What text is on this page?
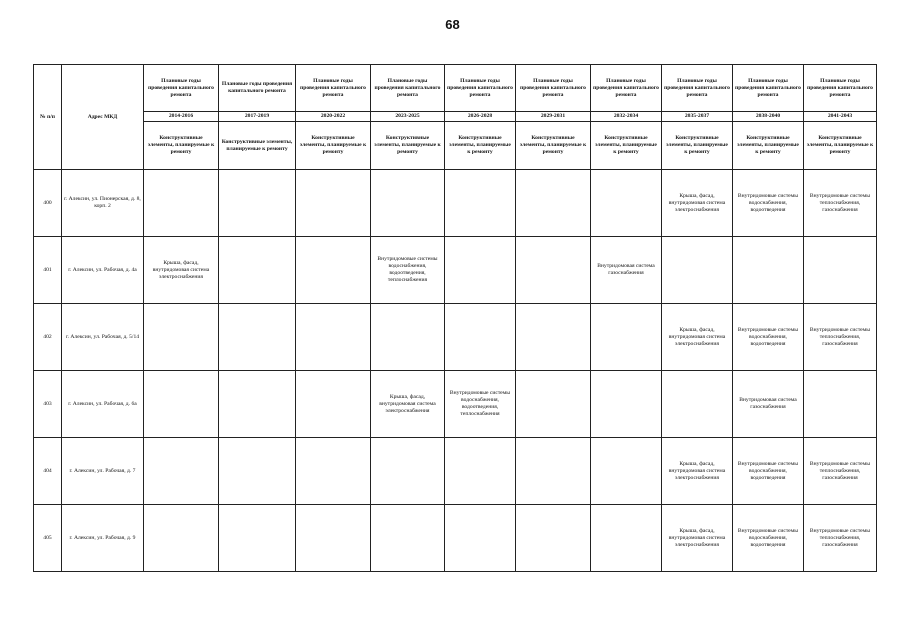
68
№ п/п	Адрес МКД	Плановые годы проведения капитального ремонта	Плановые годы проведения капитального ремонта	Плановые годы проведения капитального ремонта	Плановые годы проведения капитального ремонта	Плановые годы проведения капитального ремонта	Плановые годы проведения капитального ремонта	Плановые годы проведения капитального ремонта	Плановые годы проведения капитального ремонта	Плановые годы проведения капитального ремонта	Плановые годы проведения капитального ремонта
		2014-2016	2017-2019	2020-2022	2023-2025	2026-2028	2029-2031	2032-2034	2035-2037	2038-2040	2041-2043
		Конструктивные элементы, планируемые к ремонту	Конструктивные элементы, планируемые к ремонту	Конструктивные элементы, планируемые к ремонту	Конструктивные элементы, планируемые к ремонту	Конструктивные элементы, планируемые к ремонту	Конструктивные элементы, планируемые к ремонту	Конструктивные элементы, планируемые к ремонту	Конструктивные элементы, планируемые к ремонту	Конструктивные элементы, планируемые к ремонту	Конструктивные элементы, планируемые к ремонту
400	г. Алексин, ул. Пионерская, д. 8, корп. 2								Крыша, фасад, внутридомовая система электроснабжения	Внутридомовые системы водоснабжения, водоотведения	Внутридомовые системы теплоснабжения, газоснабжения
401	г. Алексин, ул. Рабочая, д. 4а	Крыша, фасад, внутридомовая система электроснабжения			Внутридомовые системы водоснабжения, водоотведения, теплоснабжения			Внутридомовая система газоснабжения			
402	г. Алексин, ул. Рабочая, д. 5/14								Крыша, фасад, внутридомовая система электроснабжения	Внутридомовые системы водоснабжения, водоотведения	Внутридомовые системы теплоснабжения, газоснабжения
403	г. Алексин, ул. Рабочая, д. 6а				Крыша, фасад, внутридомовая система электроснабжения	Внутридомовые системы водоснабжения, водоотведения, теплоснабжения				Внутридомовая система газоснабжения	
404	г. Алексин, ул. Рабочая, д. 7								Крыша, фасад, внутридомовая система электроснабжения	Внутридомовые системы водоснабжения, водоотведения	Внутридомовые системы теплоснабжения, газоснабжения
405	г. Алексин, ул. Рабочая, д. 9								Крыша, фасад, внутридомовая система электроснабжения	Внутридомовые системы водоснабжения, водоотведения	Внутридомовые системы теплоснабжения, газоснабжения
